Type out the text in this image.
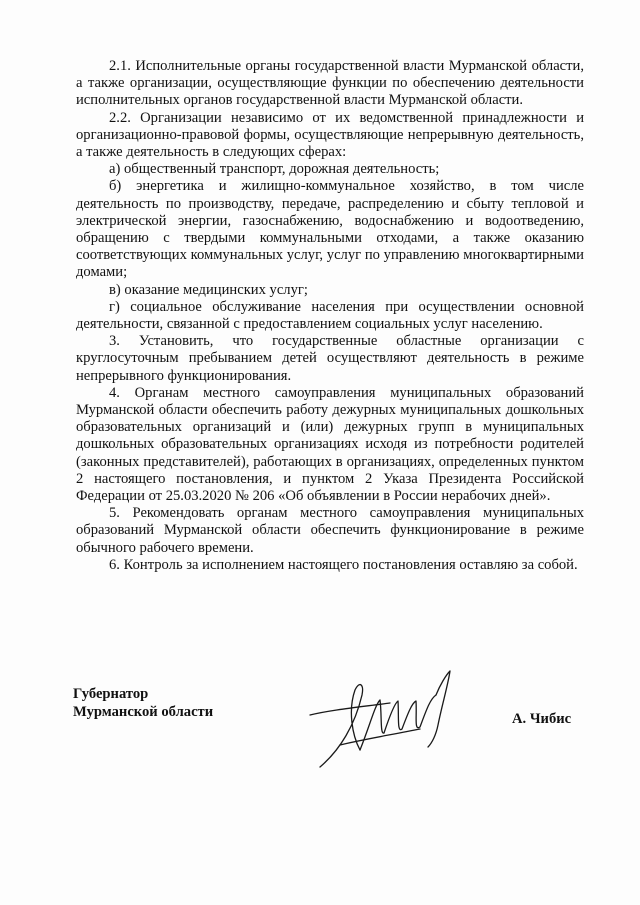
2.1. Исполнительные органы государственной власти Мурманской области, а также организации, осуществляющие функции по обеспечению деятельности исполнительных органов государственной власти Мурманской области.

2.2. Организации независимо от их ведомственной принадлежности и организационно-правовой формы, осуществляющие непрерывную деятельность, а также деятельность в следующих сферах:

а) общественный транспорт, дорожная деятельность;

б) энергетика и жилищно-коммунальное хозяйство, в том числе деятельность по производству, передаче, распределению и сбыту тепловой и электрической энергии, газоснабжению, водоснабжению и водоотведению, обращению с твердыми коммунальными отходами, а также оказанию соответствующих коммунальных услуг, услуг по управлению многоквартирными домами;

в) оказание медицинских услуг;

г) социальное обслуживание населения при осуществлении основной деятельности, связанной с предоставлением социальных услуг населению.

3. Установить, что государственные областные организации с круглосуточным пребыванием детей осуществляют деятельность в режиме непрерывного функционирования.

4. Органам местного самоуправления муниципальных образований Мурманской области обеспечить работу дежурных муниципальных дошкольных образовательных организаций и (или) дежурных групп в муниципальных дошкольных образовательных организациях исходя из потребности родителей (законных представителей), работающих в организациях, определенных пунктом 2 настоящего постановления, и пунктом 2 Указа Президента Российской Федерации от 25.03.2020 № 206 «Об объявлении в России нерабочих дней».

5. Рекомендовать органам местного самоуправления муниципальных образований Мурманской области обеспечить функционирование в режиме обычного рабочего времени.

6. Контроль за исполнением настоящего постановления оставляю за собой.

Губернатор
Мурманской области	А. Чибис
